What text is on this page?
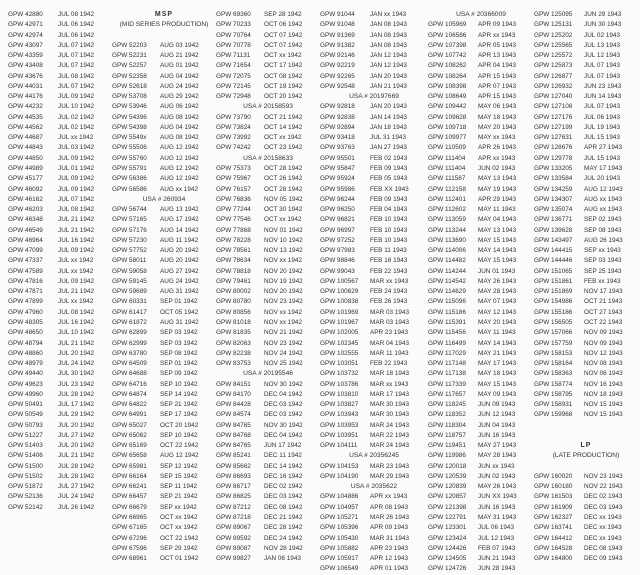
GPW 42880	JUL 08 1942
GPW 42971	JUL 06 1942
GPW 42974	JUL 06 1942
GPW 43097	JUL 07 1942
GPW 43359	JUL 07 1942
GPW 43408	JUL 07 1942
GPW 43676	JUL 08 1942
GPW 44031	JUL 07 1942
GPW 44176	JUL 09 1942
GPW 44232	JUL 10 1942
GPW 44535	JUL 02 1942
GPW 44562	JUL 02 1942
GPW 44687	JUL xx 1942
GPW 44843	JUL 03 1942
GPW 44850	JUL 09 1942
GPW 44989	JUL 01 1942
GPW 45177	JUL 09 1942
GPW 46092	JUL 09 1942
GPW 46162	JUL 07 1942
GPW 46203	JUL 08 1942
GPW 46348	JUL 21 1942
GPW 46549	JUL 21 1942
GPW 46964	JUL 16 1942
GPW 47099	JUL 09 1942
GPW 47337	JUL xx 1942
GPW 47589	JUL xx 1942
GPW 47816	JUL 09 1942
GPW 47871	JUL 21 1942
GPW 47899	JUL xx 1942
GPW 47960	JUL 08 1942
GPW 48305	JUL 16 1942
GPW 48650	JUL 10 1942
GPW 48794	JUL 21 1942
GPW 48860	JUL 20 1942
GPW 48979	JUL 24 1942
GPW 49440	JUL 30 1942
GPW 49623	JUL 23 1942
GPW 49960	JUL 28 1942
GPW 50491	JUL 17 1942
GPW 50549	JUL 29 1942
GPW 50793	JUL 20 1942
GPW 51227	JUL 27 1942
GPW 51403	JUL 20 1942
GPW 51406	JUL 21 1942
GPW 51500	JUL 28 1942
GPW 51502	JUL 28 1942
GPW 51872	JUL 27 1942
GPW 52136	JUL 24 1942
GPW 52142	JUL 26 1942
MSP
(MID SERIES PRODUCTION)
GPW 52203	AUG 03 1942
GPW 52231	AUG 21 1942
GPW 52257	AUG 01 1942
GPW 52358	AUG 04 1942
GPW 52618	AUG 24 1942
GPW 53708	AUG 29 1942
GPW 53946	AUG 06 1942
GPW 54396	AUG 08 1942
GPW 54398	AUG 04 1942
GPW 5549x	AUG 08 1942
GPW 55506	AUG 12 1942
GPW 55760	AUG 12 1942
GPW 55791	AUG 12 1942
GPW 56386	AUG 12 1942
GPW 56586	AUG xx 1942
USA # 260934
GPW 56744	AUG 13 1942
GPW 57165	AUG 17 1942
GPW 57176	AUG 14 1942
GPW 57230	AUG 11 1942
GPW 57752	AUG 20 1942
GPW 58011	AUG 20 1942
GPW 59058	AUG 27 1942
GPW 59145	AUG 24 1942
GPW 59689	AUG 31 1942
GPW 60331	SEP 01 1942
GPW 61417	OCT 05 1942
GPW 61872	AUG 31 1942
GPW 62899	SEP 03 1942
GPW 62999	SEP 03 1942
GPW 63780	SEP 08 1942
GPW 64509	SEP 01 1942
GPW 64688	SEP 09 1942
GPW 64716	SEP 10 1942
GPW 64874	SEP 14 1942
GPW 64822	SEP 21 1942
GPW 64991	SEP 17 1942
GPW 65027	OCT 20 1942
GPW 65062	SEP 10 1942
GPW 65169	OCT 22 1942
GPW 65658	AUG 12 1942
GPW 65981	SEP 12 1942
GPW 66164	SEP 15 1942
GPW 66241	SEP 11 1942
GPW 66457	SEP 21 1942
GPW 66679	SEP xx 1942
GPW 66965	OCT xx 1942
GPW 67165	OCT xx 1942
GPW 67296	OCT 22 1942
GPW 67596	SEP 29 1942
GPW 68961	OCT 01 1942
GPW 69360	SEP 28 1942
GPW 70233	OCT 06 1942
GPW 70764	OCT 07 1942
GPW 70778	OCT 07 1942
GPW 71131	OCT xx 1942
GPW 71654	OCT 17 1942
GPW 72075	OCT 08 1942
GPW 72145	OCT 19 1942
GPW 72948	OCT 20 1942
USA # 20158593
GPW 73790	OCT 21 1942
GPW 73824	OCT 14 1942
GPW 73992	OCT xx 1942
GPW 74242	OCT 23 1942
USA # 20158633
GPW 75373	OCT 28 1942
GPW 75967	OCT 26 1942
GPW 76157	OCT 28 1942
GPW 76836	NOV 05 1942
GPW 77244	OCT 30 1942
GPW 77546	OCT xx 1942
GPW 77868	NOV 01 1942
GPW 78228	NOV 10 1942
GPW 78561	NOV 13 1942
GPW 78634	NOV xx 1942
GPW 78818	NOV 20 1942
GPW 79461	NOV 19 1942
GPW 80002	NOV 20 1942
GPW 80780	NOV 23 1942
GPW 80856	NOV xx 1942
GPW 81018	NOV xx 1942
GPW 81835	NOV 21 1942
GPW 82063	NOV 23 1942
GPW 82238	NOV 24 1942
GPW 83753	NOV 25 1942
USA # 20195546
GPW 84151	NOV 30 1942
GPW 84170	DEC 04 1942
GPW 84428	DEC 03 1942
GPW 84574	DEC 03 1942
GPW 84765	NOV 30 1942
GPW 84768	DEC 04 1942
GPW 84765	JUN 17 1942
GPW 85241	DEC 11 1942
GPW 85662	DEC 14 1942
GPW 86693	DEC 16 1942
GPW 86717	DEC 02 1942
GPW 86825	DEC 03 1942
GPW 87212	DEC 08 1942
GPW 87218	DEC 21 1942
GPW 89067	DEC 28 1942
GPW 89592	DEC 24 1942
GPW 89087	NOV 28 1942
GPW 89827	JAN 06 1943
GPW 91044	JAN xx 1943
GPW 91048	JAN 08 1943
GPW 91369	JAN 08 1943
GPW 91382	JAN 08 1943
GPW 92146	JAN 12 1943
GPW 92219	JAN 12 1943
GPW 92265	JAN 20 1943
GPW 92548	JAN 21 1943
USA # 20197669
GPW 92818	JAN 20 1943
GPW 92838	JAN 14 1943
GPW 92894	JAN 18 1943
GPW 93418	JUL 31 1943
GPW 93763	JAN 27 1943
GPW 95501	FEB 02 1943
GPW 95847	FEB 09 1943
GPW 95924	FEB 05 1943
GPW 95986	FEB XX 1943
GPW 96244	FEB 09 1943
GPW 96250	FEB 04 1943
GPW 96821	FEB 10 1943
GPW 96997	FEB 10 1943
GPW 97252	FEB 10 1943
GPW 97983	FEB 11 1943
GPW 98846	FEB 16 1943
GPW 99043	FEB 22 1943
GPW 100567	MAR xx 1943
GPW 100629	FEB 24 1943
GPW 100838	FEB 26 1943
GPW 101969	MAR 03 1943
GPW 101967	MAR 03 1943
GPW 102005	APR 23 1943
GPW 102345	MAR 04 1943
GPW 102555	MAR 11 1943
GPW 103051	FEB 22 1943
GPW 103732	MAR 18 1943
GPW 103786	MAR xx 1943
GPW 103810	MAR 17 1943
GPW 103827	MAR 30 1943
GPW 103943	MAR 30 1943
GPW 103953	MAR 24 1943
GPW 103951	MAR 22 1943
GPW 104111	MAR 24 1943
USA # 20356245
GPW 104153	MAR 23 1943
GPW 104190	MAR 29 1943
USA # 2035622
GPW 104886	APR xx 1943
GPW 104957	APR 08 1943
GPW 105271	MAR 26 1943
GPW 105396	APR 09 1943
GPW 105430	MAR 31 1943
GPW 105882	APR 23 1943
GPW 105917	APR 12 1943
GPW 106549	APR 01 1943
USA # 20366009
GPW 105969	APR 09 1943
GPW 106586	APR xx 1943
GPW 107398	APR 05 1943
GPW 107742	APR 13 1943
GPW 108262	APR 04 1943
GPW 108264	APR 15 1943
GPW 108398	APR 07 1943
GPW 108649	APR 15 1943
GPW 109442	MAY 06 1943
GPW 109628	MAY 18 1943
GPW 109718	MAY 20 1943
GPW 109977	MAY xx 1943
GPW 110509	APR 26 1943
GPW 111404	APR xx 1943
GPW 111404	JUN 02 1943
GPW 111587	MAY 13 1943
GPW 112158	MAY 19 1943
GPW 112401	APR 29 1943
GPW 112602	MAY 11 1943
GPW 113059	MAY 04 1943
GPW 113244	MAY 13 1943
GPW 113690	MAY 15 1943
GPW 114006	MAY 14 1943
GPW 114482	MAY 15 1943
GPW 114244	JUN 01 1943
GPW 114542	MAY 26 1943
GPW 114629	MAY 28 1943
GPW 115096	MAY 07 1943
GPW 115186	MAY 12 1943
GPW 115391	MAY 20 1943
GPW 115456	MAY 11 1943
GPW 116499	MAY 14 1943
GPW 117029	MAY 21 1943
GPW 117148	MAY 17 1943
GPW 117138	MAY 18 1943
GPW 117339	MAY 15 1943
GPW 117657	MAY 09 1943
GPW 118245	JUN 09 1943
GPW 118352	JUN 12 1943
GPW 118304	JUN 04 1943
GPW 118757	JUN 16 1943
GPW 119451	MAY 27 1943
GPW 119986	MAY 28 1943
GPW 120018	JUN xx 1943
GPW 120539	JUN 02 1943
GPW 120839	MAY 26 1943
GPW 120857	JUN XX 1943
GPW 121398	JUN 16 1943
GPW 122791	MAY 31 1943
GPW 123301	JUL 06 1943
GPW 123424	JUL 12 1943
GPW 124426	FEB 07 1943
GPW 124505	JUN 21 1943
GPW 124726	JUN 28 1943
GPW 125095	JUN 29 1943
GPW 125131	JUN 30 1943
GPW 125202	JUL 02 1943
GPW 125565	JUL 13 1943
GPW 125572	JUL 12 1943
GPW 125873	JUL 07 1943
GPW 126877	JUL 07 1943
GPW 126932	JUN 23 1943
GPW 127040	JUN 14 1943
GPW 127108	JUL 07 1943
GPW 127176	JUL 06 1943
GPW 127199	JUL 19 1943
GPW 127631	JUL 15 1943
GPW 128676	APR 27 1943
GPW 129778	JUL 15 1943
GPW 133205	MAY 17 1943
GPW 133584	JUL 20 1943
GPW 134259	AUG 12 1943
GPW 134307	AUG xx 1943
GPW 135074	AUG xx 1943
GPW 136771	SEP 02 1943
GPW 139628	SEP 08 1943
GPW 143497	AUG 26 1943
GPW 144415	SEP xx 1943
GPW 144446	SEP 03 1943
GPW 151065	SEP 25 1943
GPW 151861	FEB xx 1943
GPW 151869	NOV 17 1943
GPW 154986	OCT 21 1943
GPW 155186	OCT 27 1943
GPW 156505	OCT 22 1943
GPW 157066	NOV 09 1943
GPW 157759	NOV 09 1943
GPW 158153	NOV 12 1943
GPW 158164	NOV 08 1943
GPW 158363	NOV 06 1943
GPW 158774	NOV 16 1943
GPW 158795	NOV 18 1943
GPW 158931	NOV 15 1943
GPW 159968	NOV 15 1943
LP
(LATE PRODUCTION)
GPW 160020	NOV 23 1943
GPW 160180	NOV 22 1943
GPW 161503	DEC 02 1943
GPW 161909	DEC 03 1943
GPW 162327	DEC xx 1943
GPW 163741	DEC xx 1943
GPW 164412	DEC xx 1943
GPW 164528	DEC 08 1943
GPW 164800	DEC 09 1943
